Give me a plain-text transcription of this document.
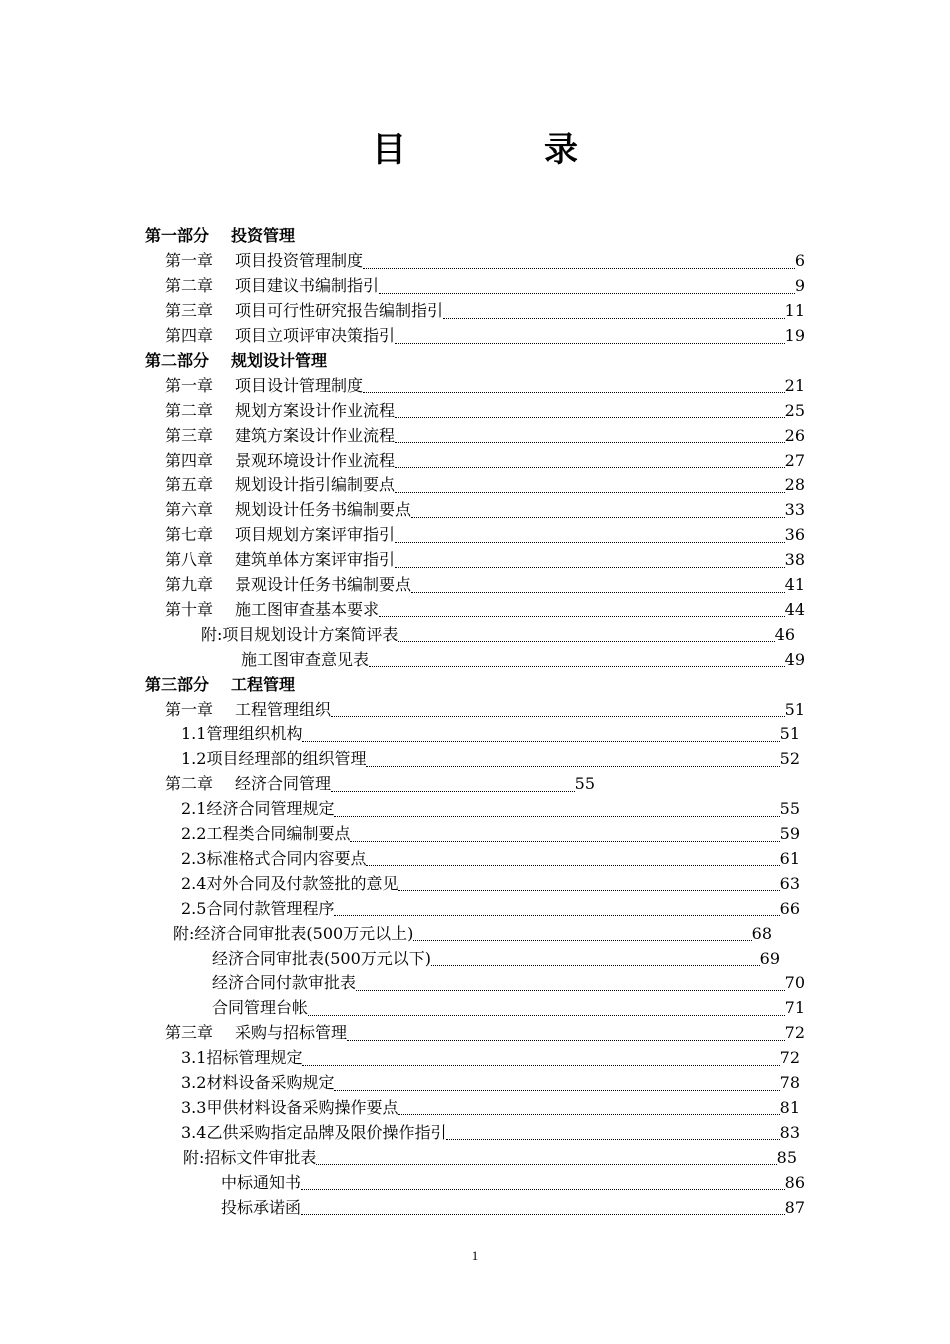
目　录
第一部分 投资管理
第一章 项目投资管理制度	6
第二章 项目建议书编制指引	9
第三章 项目可行性研究报告编制指引	11
第四章 项目立项评审决策指引	19
第二部分 规划设计管理
第一章 项目设计管理制度	21
第二章 规划方案设计作业流程	25
第三章 建筑方案设计作业流程	26
第四章 景观环境设计作业流程	27
第五章 规划设计指引编制要点	28
第六章 规划设计任务书编制要点	33
第七章 项目规划方案评审指引	36
第八章 建筑单体方案评审指引	38
第九章 景观设计任务书编制要点	41
第十章 施工图审查基本要求	44
附:项目规划设计方案简评表	46
施工图审查意见表	49
第三部分 工程管理
第一章 工程管理组织	51
1.1管理组织机构	51
1.2项目经理部的组织管理	52
第二章 经济合同管理	55
2.1经济合同管理规定	55
2.2工程类合同编制要点	59
2.3标准格式合同内容要点	61
2.4对外合同及付款签批的意见	63
2.5合同付款管理程序	66
附:经济合同审批表(500万元以上)	68
经济合同审批表(500万元以下)	69
经济合同付款审批表	70
合同管理台帐	71
第三章 采购与招标管理	72
3.1招标管理规定	72
3.2材料设备采购规定	78
3.3甲供材料设备采购操作要点	81
3.4乙供采购指定品牌及限价操作指引	83
附:招标文件审批表	85
中标通知书	86
投标承诺函	87
1
